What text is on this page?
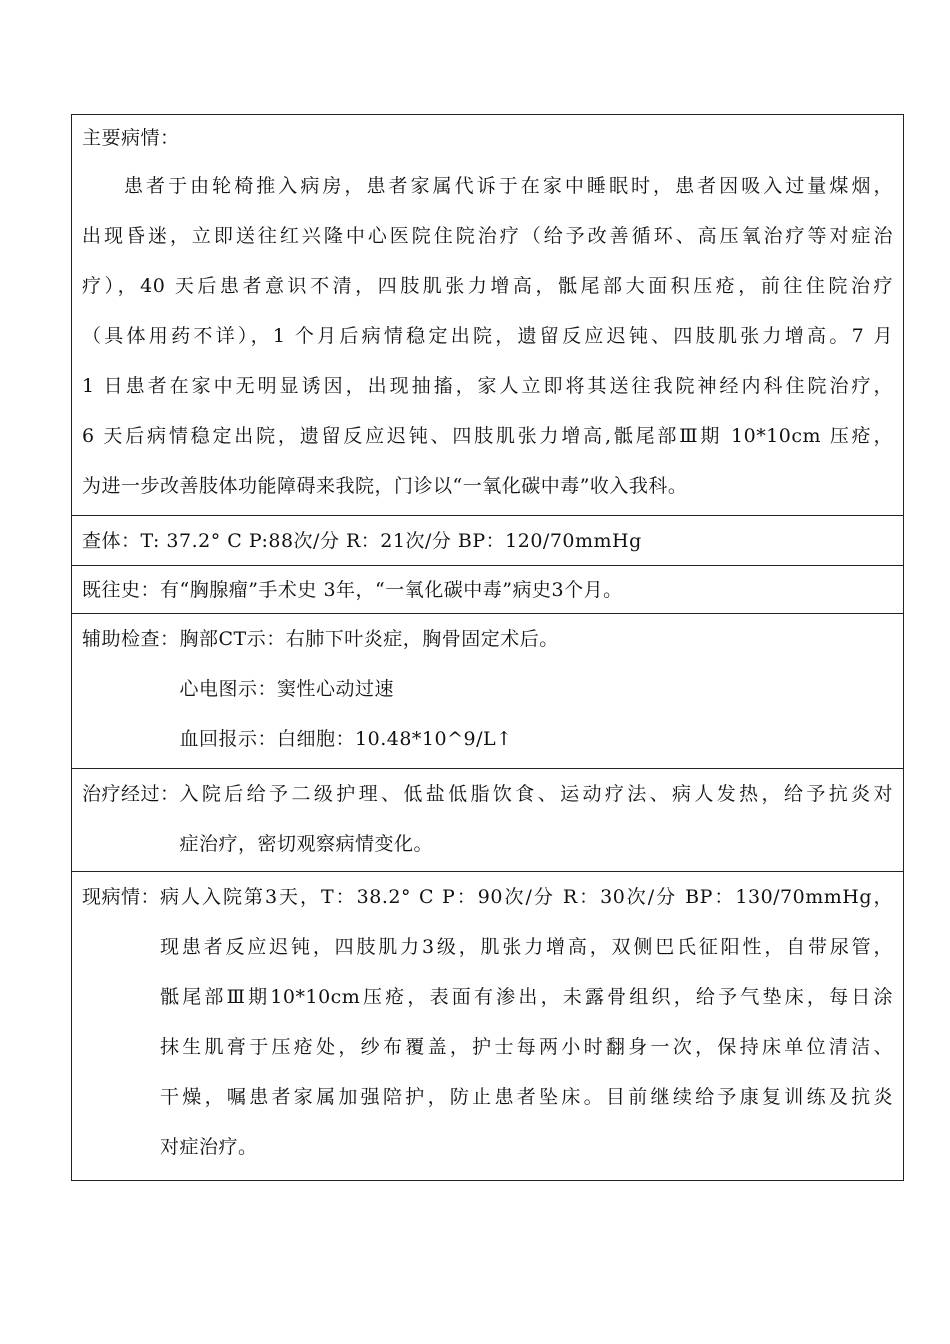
主要病情：
患者于由轮椅推入病房，患者家属代诉于在家中睡眠时，患者因吸入过量煤烟，
出现昏迷，立即送往红兴隆中心医院住院治疗（给予改善循环、高压氧治疗等对症治
疗），40 天后患者意识不清，四肢肌张力增高，骶尾部大面积压疮，前往住院治疗
（具体用药不详），1 个月后病情稳定出院，遗留反应迟钝、四肢肌张力增高。7 月
1 日患者在家中无明显诱因，出现抽搐，家人立即将其送往我院神经内科住院治疗，
6 天后病情稳定出院，遗留反应迟钝、四肢肌张力增高,骶尾部Ⅲ期 10*10cm 压疮，
为进一步改善肢体功能障碍来我院，门诊以“一氧化碳中毒”收入我科。
查体：T: 37.2° C P:88次/分 R：21次/分 BP：120/70mmHg
既往史：有“胸腺瘤”手术史 3年，“一氧化碳中毒”病史3个月。
辅助检查： 胸部CT示：右肺下叶炎症，胸骨固定术后。
心电图示：窦性心动过速
血回报示：白细胞：10.48*10^9/L↑
治疗经过： 入院后给予二级护理、低盐低脂饮食、运动疗法、病人发热，给予抗炎对
症治疗，密切观察病情变化。
现病情： 病人入院第3天，T：38.2° C P：90次/分 R：30次/分 BP：130/70mmHg，
现患者反应迟钝，四肢肌力3级，肌张力增高，双侧巴氏征阳性，自带尿管，
骶尾部Ⅲ期10*10cm压疮，表面有渗出，未露骨组织，给予气垫床，每日涂
抹生肌膏于压疮处，纱布覆盖，护士每两小时翻身一次，保持床单位清洁、
干燥，嘱患者家属加强陪护，防止患者坠床。目前继续给予康复训练及抗炎
对症治疗。
